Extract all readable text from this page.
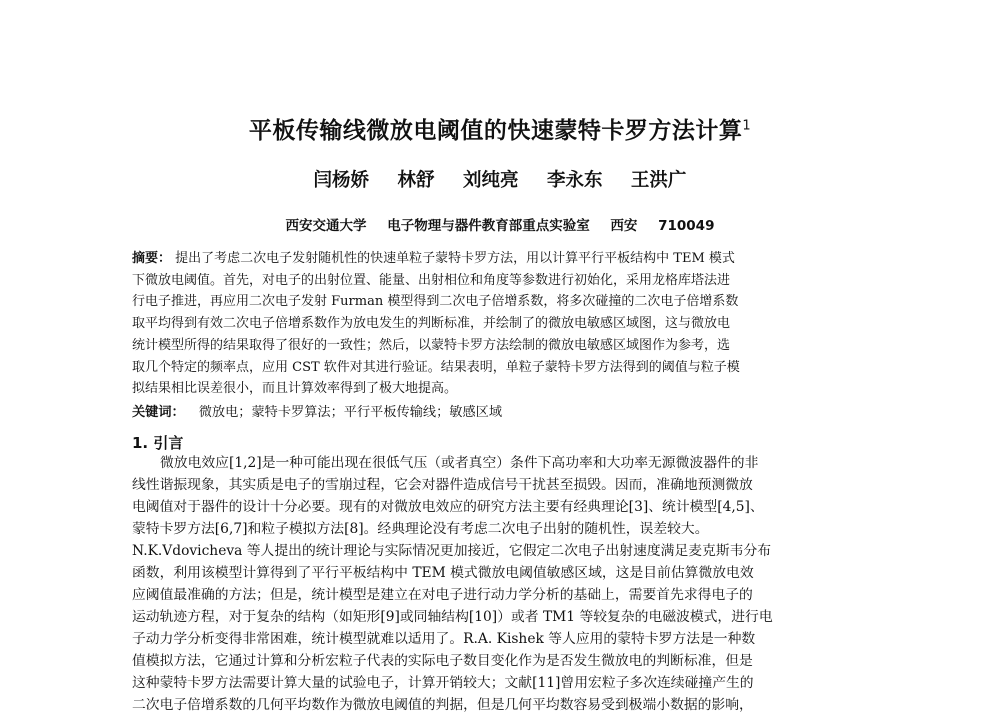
平板传输线微放电阈值的快速蒙特卡罗方法计算$^1$
闫杨娇 林舒 刘纯亮 李永东 王洪广
西安交通大学 电子物理与器件教育部重点实验室 西安 710049
摘要： 提出了考虑二次电子发射随机性的快速单粒子蒙特卡罗方法，用以计算平行平板结构中 TEM 模式
下微放电阈值。首先，对电子的出射位置、能量、出射相位和角度等参数进行初始化，采用龙格库塔法进
行电子推进，再应用二次电子发射 Furman 模型得到二次电子倍增系数，将多次碰撞的二次电子倍增系数
取平均得到有效二次电子倍增系数作为放电发生的判断标准，并绘制了的微放电敏感区域图，这与微放电
统计模型所得的结果取得了很好的一致性；然后，以蒙特卡罗方法绘制的微放电敏感区域图作为参考，选
取几个特定的频率点，应用 CST 软件对其进行验证。结果表明，单粒子蒙特卡罗方法得到的阈值与粒子模
拟结果相比误差很小，而且计算效率得到了极大地提高。
关键词： 微放电；蒙特卡罗算法；平行平板传输线；敏感区域
1. 引言
微放电效应[1,2]是一种可能出现在很低气压（或者真空）条件下高功率和大功率无源微波器件的非
线性谐振现象，其实质是电子的雪崩过程，它会对器件造成信号干扰甚至损毁。因而，准确地预测微放
电阈值对于器件的设计十分必要。现有的对微放电效应的研究方法主要有经典理论[3]、统计模型[4,5]、
蒙特卡罗方法[6,7]和粒子模拟方法[8]。经典理论没有考虑二次电子出射的随机性，误差较大。
N.K.Vdovicheva 等人提出的统计理论与实际情况更加接近，它假定二次电子出射速度满足麦克斯韦分布
函数，利用该模型计算得到了平行平板结构中 TEM 模式微放电阈值敏感区域，这是目前估算微放电效
应阈值最准确的方法；但是，统计模型是建立在对电子进行动力学分析的基础上，需要首先求得电子的
运动轨迹方程，对于复杂的结构（如矩形[9]或同轴结构[10]）或者 TM1 等较复杂的电磁波模式，进行电
子动力学分析变得非常困难，统计模型就难以适用了。R.A. Kishek 等人应用的蒙特卡罗方法是一种数
值模拟方法，它通过计算和分析宏粒子代表的实际电子数目变化作为是否发生微放电的判断标准，但是
这种蒙特卡罗方法需要计算大量的试验电子，计算开销较大；文献[11]曾用宏粒子多次连续碰撞产生的
二次电子倍增系数的几何平均数作为微放电阈值的判据，但是几何平均数容易受到极端小数据的影响，
